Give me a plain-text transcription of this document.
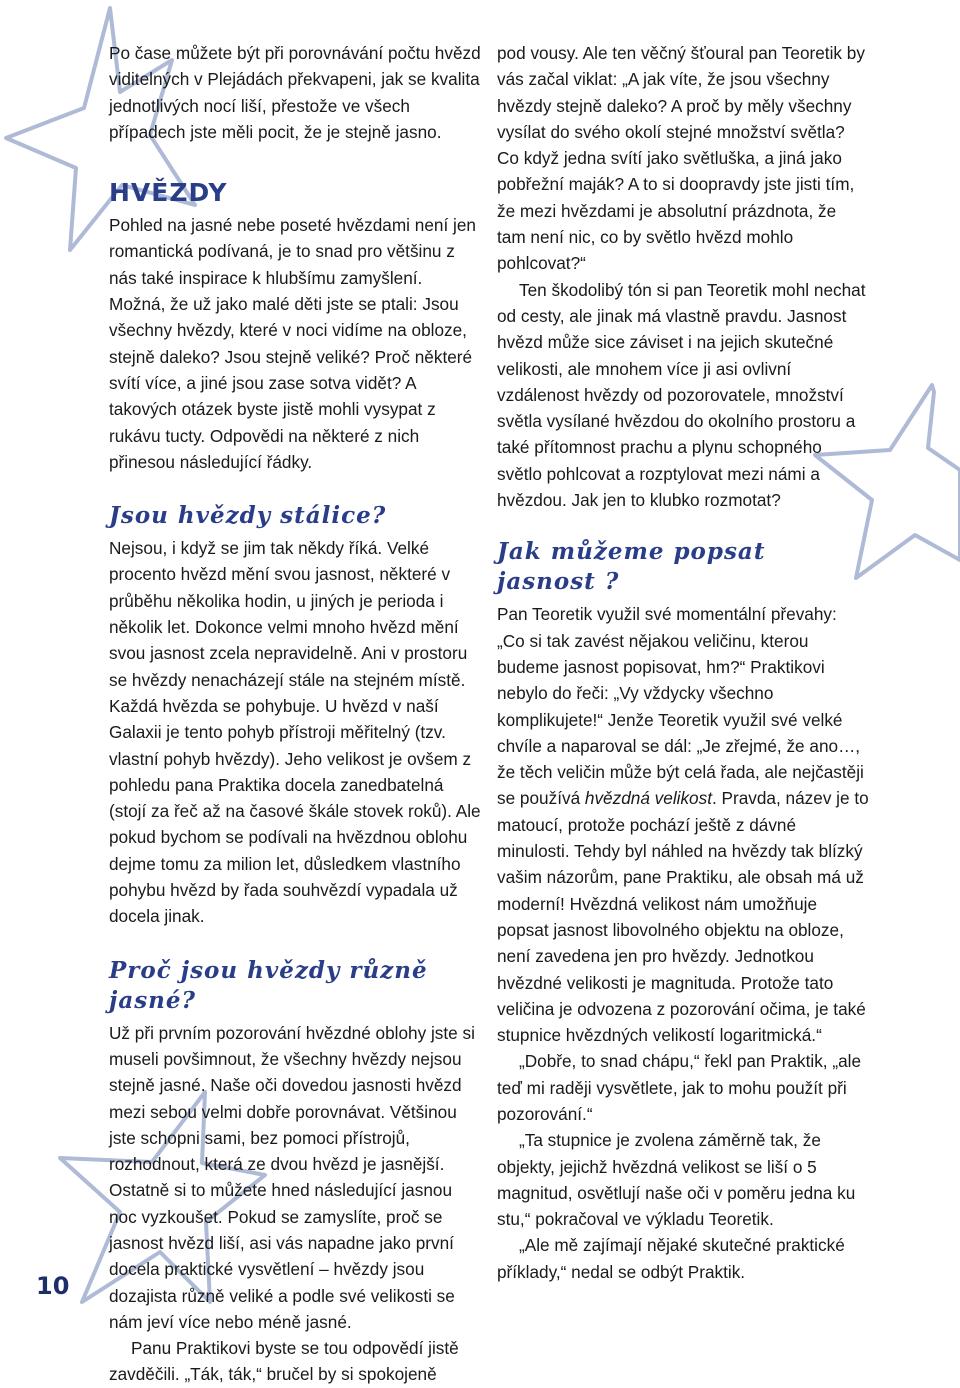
10

Po čase můžete být při porovnávání počtu hvězd viditelných v Plejádách překvapeni, jak se kvalita jednotlivých nocí liší, přestože ve všech případech jste měli pocit, že je stejně jasno.

HVĚZDY

Pohled na jasné nebe poseté hvězdami není jen romantická podívaná, je to snad pro většinu z nás také inspirace k hlubšímu zamyšlení. Možná, že už jako malé děti jste se ptali: Jsou všechny hvězdy, které v noci vidíme na obloze, stejně daleko? Jsou stejně veliké? Proč některé svítí více, a jiné jsou zase sotva vidět? A takových otázek byste jistě mohli vysypat z rukávu tucty. Odpovědi na některé z nich přinesou následující řádky.

Jsou hvězdy stálice?

Nejsou, i když se jim tak někdy říká. Velké procento hvězd mění svou jasnost, některé v průběhu několika hodin, u jiných je perioda i několik let. Dokonce velmi mnoho hvězd mění svou jasnost zcela nepravidelně. Ani v prostoru se hvězdy nenacházejí stále na stejném místě. Každá hvězda se pohybuje. U hvězd v naší Galaxii je tento pohyb přístroji měřitelný (tzv. vlastní pohyb hvězdy). Jeho velikost je ovšem z pohledu pana Praktika docela zanedbatelná (stojí za řeč až na časové škále stovek roků). Ale pokud bychom se podívali na hvězdnou oblohu dejme tomu za milion let, důsledkem vlastního pohybu hvězd by řada souhvězdí vypadala už docela jinak.

Proč jsou hvězdy různě jasné?

Už při prvním pozorování hvězdné oblohy jste si museli povšimnout, že všechny hvězdy nejsou stejně jasné. Naše oči dovedou jasnosti hvězd mezi sebou velmi dobře porovnávat. Většinou jste schopni sami, bez pomoci přístrojů, rozhodnout, která ze dvou hvězd je jasnější. Ostatně si to můžete hned následující jasnou noc vyzkoušet. Pokud se zamyslíte, proč se jasnost hvězd liší, asi vás napadne jako první docela praktické vysvětlení – hvězdy jsou dozajista různě veliké a podle své velikosti se nám jeví více nebo méně jasné.

Panu Praktikovi byste se tou odpovědí jistě zavděčili. „Ták, ták,“ bručel by si spokojeně

pod vousy. Ale ten věčný šťoural pan Teoretik by vás začal viklat: „A jak víte, že jsou všechny hvězdy stejně daleko? A proč by měly všechny vysílat do svého okolí stejné množství světla? Co když jedna svítí jako světluška, a jiná jako pobřežní maják? A to si doopravdy jste jisti tím, že mezi hvězdami je absolutní prázdnota, že tam není nic, co by světlo hvězd mohlo pohlcovat?“

Ten škodolibý tón si pan Teoretik mohl nechat od cesty, ale jinak má vlastně pravdu. Jasnost hvězd může sice záviset i na jejich skutečné velikosti, ale mnohem více ji asi ovlivní vzdálenost hvězdy od pozorovatele, množství světla vysílané hvězdou do okolního prostoru a také přítomnost prachu a plynu schopného světlo pohlcovat a rozptylovat mezi námi a hvězdou. Jak jen to klubko rozmotat?

Jak můžeme popsat jasnost ?

Pan Teoretik využil své momentální převahy: „Co si tak zavést nějakou veličinu, kterou budeme jasnost popisovat, hm?“ Praktikovi nebylo do řeči: „Vy vždycky všechno komplikujete!“ Jenže Teoretik využil své velké chvíle a naparoval se dál: „Je zřejmé, že ano…, že těch veličin může být celá řada, ale nejčastěji se používá hvězdná velikost. Pravda, název je to matoucí, protože pochází ještě z dávné minulosti. Tehdy byl náhled na hvězdy tak blízký vašim názorům, pane Praktiku, ale obsah má už moderní! Hvězdná velikost nám umožňuje popsat jasnost libovolného objektu na obloze, není zavedena jen pro hvězdy. Jednotkou hvězdné velikosti je magnituda. Protože tato veličina je odvozena z pozorování očima, je také stupnice hvězdných velikostí logaritmická.“

„Dobře, to snad chápu,“ řekl pan Praktik, „ale teď mi raději vysvětlete, jak to mohu použít při pozorování.“

„Ta stupnice je zvolena záměrně tak, že objekty, jejichž hvězdná velikost se liší o 5 magnitud, osvětlují naše oči v poměru jedna ku stu,“ pokračoval ve výkladu Teoretik.

„Ale mě zajímají nějaké skutečné praktické příklady,“ nedal se odbýt Praktik.
